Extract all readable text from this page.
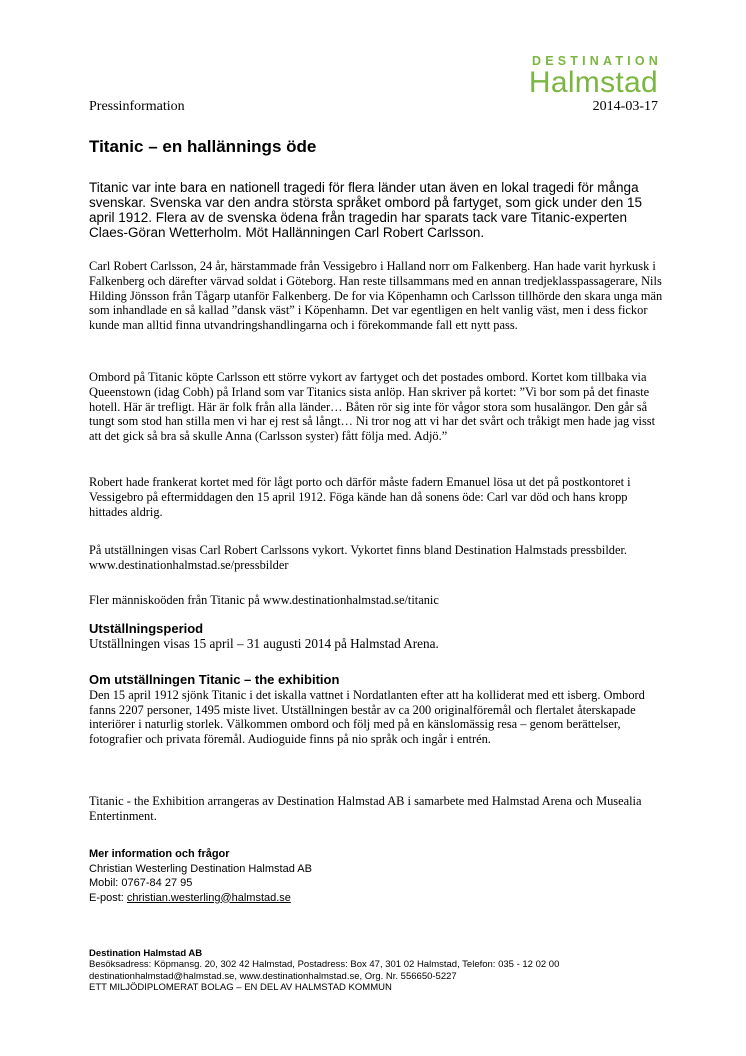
DESTINATION
Halmstad
Pressinformation	2014-03-17
Titanic – en hallännings öde
Titanic var inte bara en nationell tragedi för flera länder utan även en lokal tragedi för många svenskar. Svenska var den andra största språket ombord på fartyget, som gick under den 15 april 1912. Flera av de svenska ödena från tragedin har sparats tack vare Titanic-experten Claes-Göran Wetterholm. Möt Hallänningen Carl Robert Carlsson.

Carl Robert Carlsson, 24 år, härstammade från Vessigebro i Halland norr om Falkenberg. Han hade varit hyrkusk i Falkenberg och därefter värvad soldat i Göteborg. Han reste tillsammans med en annan tredjeklasspassagerare, Nils Hilding Jönsson från Tågarp utanför Falkenberg. De for via Köpenhamn och Carlsson tillhörde den skara unga män som inhandlade en så kallad ”dansk väst” i Köpenhamn. Det var egentligen en helt vanlig väst, men i dess fickor kunde man alltid finna utvandringshandlingarna och i förekommande fall ett nytt pass.

Ombord på Titanic köpte Carlsson ett större vykort av fartyget och det postades ombord. Kortet kom tillbaka via Queenstown (idag Cobh) på Irland som var Titanics sista anlöp. Han skriver på kortet: ”Vi bor som på det finaste hotell. Här är trefligt. Här är folk från alla länder… Båten rör sig inte för vågor stora som husalängor. Den går så tungt som stod han stilla men vi har ej rest så långt… Ni tror nog att vi har det svårt och tråkigt men hade jag visst att det gick så bra så skulle Anna (Carlsson syster) fått följa med. Adjö.”

Robert hade frankerat kortet med för lågt porto och därför måste fadern Emanuel lösa ut det på postkontoret i Vessigebro på eftermiddagen den 15 april 1912. Föga kände han då sonens öde: Carl var död och hans kropp hittades aldrig.

På utställningen visas Carl Robert Carlssons vykort. Vykortet finns bland Destination Halmstads pressbilder. www.destinationhalmstad.se/pressbilder

Fler människoöden från Titanic på www.destinationhalmstad.se/titanic

Utställningsperiod
Utställningen visas 15 april – 31 augusti 2014 på Halmstad Arena.
Om utställningen Titanic – the exhibition
Den 15 april 1912 sjönk Titanic i det iskalla vattnet i Nordatlanten efter att ha kolliderat med ett isberg. Ombord fanns 2207 personer, 1495 miste livet. Utställningen består av ca 200 originalföremål och flertalet återskapade interiörer i naturlig storlek. Välkommen ombord och följ med på en känslomässig resa – genom berättelser, fotografier och privata föremål. Audioguide finns på nio språk och ingår i entrén.

Titanic - the Exhibition arrangeras av Destination Halmstad AB i samarbete med Halmstad Arena och Musealia Entertinment.

Mer information och frågor
Christian Westerling Destination Halmstad AB
Mobil: 0767-84 27 95
E-post: christian.westerling@halmstad.se
Destination Halmstad AB
Besöksadress: Köpmansg. 20, 302 42 Halmstad, Postadress: Box 47, 301 02 Halmstad, Telefon: 035 - 12 02 00
destinationhalmstad@halmstad.se, www.destinationhalmstad.se, Org. Nr. 556650-5227
ETT MILJÖDIPLOMERAT BOLAG – EN DEL AV HALMSTAD KOMMUN
